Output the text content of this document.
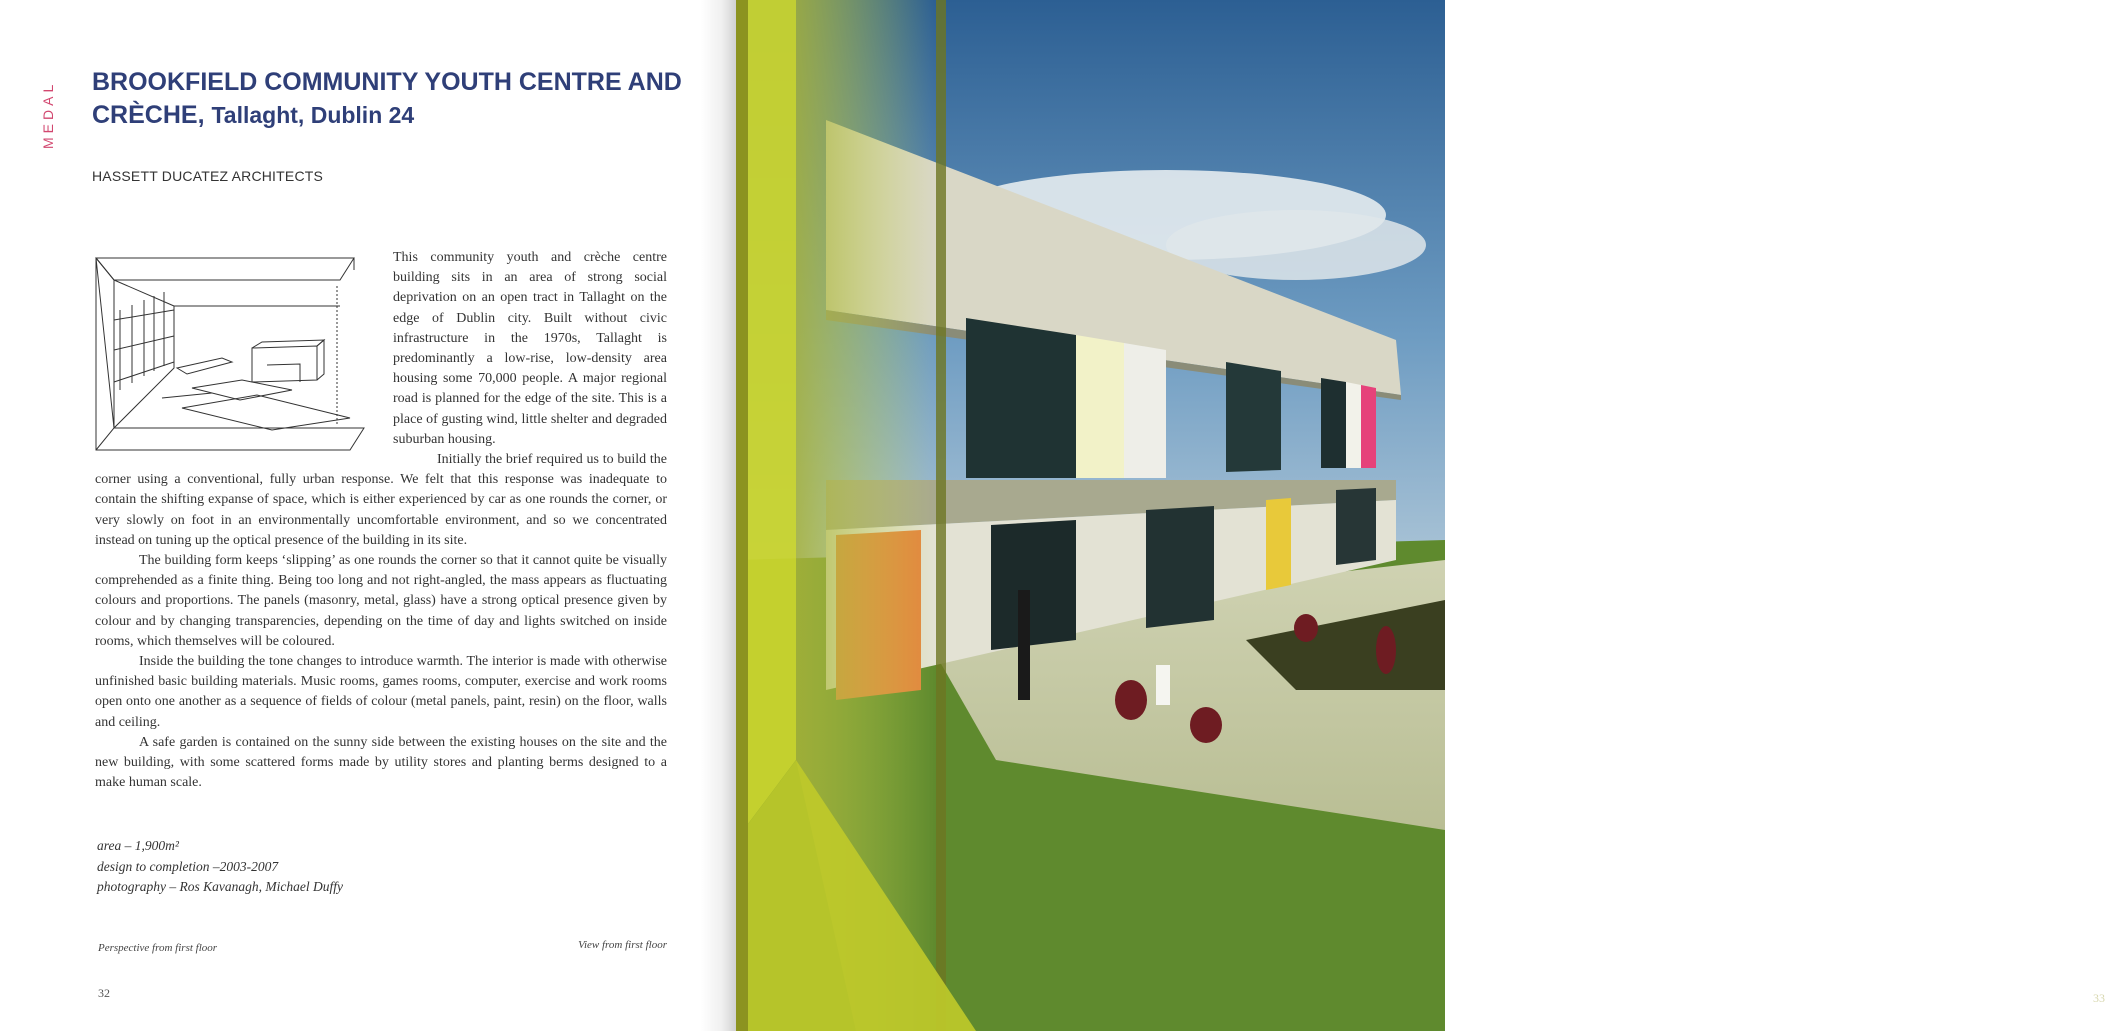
MEDAL	BROOKFIELD COMMUNITY YOUTH CENTRE AND CRÈCHE, Tallaght, Dublin 24
HASSETT DUCATEZ ARCHITECTS

This community youth and crèche centre building sits in an area of strong social deprivation on an open tract in Tallaght on the edge of Dublin city. Built without civic infrastructure in the 1970s, Tallaght is predominantly a low-rise, low-density area housing some 70,000 people. A major regional road is planned for the edge of the site. This is a place of gusting wind, little shelter and degraded suburban housing.

Initially the brief required us to build the corner using a conventional, fully urban response. We felt that this response was inadequate to contain the shifting expanse of space, which is either experienced by car as one rounds the corner, or very slowly on foot in an environmentally uncomfortable environment, and so we concentrated instead on tuning up the optical presence of the building in its site.

The building form keeps ‘slipping’ as one rounds the corner so that it cannot quite be visually comprehended as a finite thing. Being too long and not right-angled, the mass appears as fluctuating colours and proportions. The panels (masonry, metal, glass) have a strong optical presence given by colour and by changing transparencies, depending on the time of day and lights switched on inside rooms, which themselves will be coloured.

Inside the building the tone changes to introduce warmth. The interior is made with otherwise unfinished basic building materials. Music rooms, games rooms, computer, exercise and work rooms open onto one another as a sequence of fields of colour (metal panels, paint, resin) on the floor, walls and ceiling.

A safe garden is contained on the sunny side between the existing houses on the site and the new building, with some scattered forms made by utility stores and planting berms designed to a make human scale.

area – 1,900m²
design to completion –2003-2007
photography – Ros Kavanagh, Michael Duffy
Perspective from first floor	View from first floor
32	33
